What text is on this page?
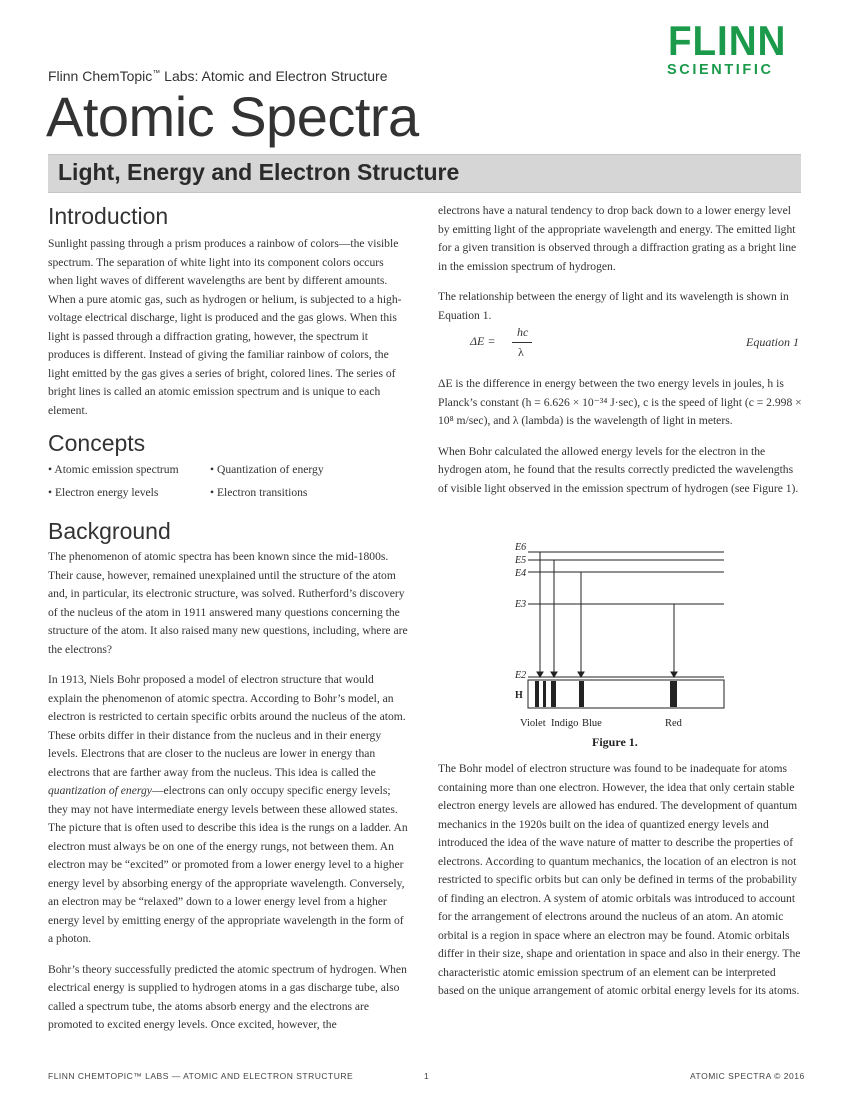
FLINN
SCIENTIFIC
Flinn ChemTopic™ Labs: Atomic and Electron Structure
Atomic Spectra
Light, Energy and Electron Structure
Introduction

Sunlight passing through a prism produces a rainbow of colors—the visible spectrum. The separation of white light into its component colors occurs when light waves of different wavelengths are bent by different amounts. When a pure atomic gas, such as hydrogen or helium, is subjected to a high-voltage electrical discharge, light is produced and the gas glows. When this light is passed through a diffraction grating, however, the spectrum it produces is different. Instead of giving the familiar rainbow of colors, the light emitted by the gas gives a series of bright, colored lines. The series of bright lines is called an atomic emission spectrum and is unique to each element.

Concepts
• Atomic emission spectrum	• Quantization of energy
• Electron energy levels	• Electron transitions
Background

The phenomenon of atomic spectra has been known since the mid-1800s. Their cause, however, remained unexplained until the structure of the atom and, in particular, its electronic structure, was solved. Rutherford’s discovery of the nucleus of the atom in 1911 answered many questions concerning the structure of the atom. It also raised many new questions, including, where are the electrons?

In 1913, Niels Bohr proposed a model of electron structure that would explain the phenomenon of atomic spectra. According to Bohr’s model, an electron is restricted to certain specific orbits around the nucleus of the atom. These orbits differ in their distance from the nucleus and in their energy levels. Electrons that are closer to the nucleus are lower in energy than electrons that are farther away from the nucleus. This idea is called the quantization of energy—electrons can only occupy specific energy levels; they may not have intermediate energy levels between these allowed states. The picture that is often used to describe this idea is the rungs on a ladder. An electron must always be on one of the energy rungs, not between them. An electron may be “excited” or promoted from a lower energy level to a higher energy level by absorbing energy of the appropriate wavelength. Conversely, an electron may be “relaxed” down to a lower energy level from a higher energy level by emitting energy of the appropriate wavelength in the form of a photon.

Bohr’s theory successfully predicted the atomic spectrum of hydrogen. When electrical energy is supplied to hydrogen atoms in a gas discharge tube, also called a spectrum tube, the atoms absorb energy and the electrons are promoted to excited energy levels. Once excited, however, the

electrons have a natural tendency to drop back down to a lower energy level by emitting light of the appropriate wavelength and energy. The emitted light for a given transition is observed through a diffraction grating as a bright line in the emission spectrum of hydrogen.

The relationship between the energy of light and its wavelength is shown in Equation 1.

ΔE =
hc
λ
Equation 1

ΔE is the difference in energy between the two energy levels in joules, h is Planck’s constant (h = 6.626 × 10⁻³⁴ J·sec), c is the speed of light (c = 2.998 × 10⁸ m/sec), and λ (lambda) is the wavelength of light in meters.

When Bohr calculated the allowed energy levels for the electron in the hydrogen atom, he found that the results correctly predicted the wavelengths of visible light observed in the emission spectrum of hydrogen (see Figure 1).

E6
E5
E4
E3
E2
H
Violet Indigo Blue	Red
Figure 1.

The Bohr model of electron structure was found to be inadequate for atoms containing more than one electron. However, the idea that only certain stable electron energy levels are allowed has endured. The development of quantum mechanics in the 1920s built on the idea of quantized energy levels and introduced the idea of the wave nature of matter to describe the properties of electrons. According to quantum mechanics, the location of an electron is not restricted to specific orbits but can only be defined in terms of the probability of finding an electron. A system of atomic orbitals was introduced to account for the arrangement of electrons around the nucleus of an atom. An atomic orbital is a region in space where an electron may be found. Atomic orbitals differ in their size, shape and orientation in space and also in their energy. The characteristic atomic emission spectrum of an element can be interpreted based on the unique arrangement of atomic orbital energy levels for its atoms.

FLINN CHEMTOPIC™ LABS — ATOMIC AND ELECTRON STRUCTURE	1	ATOMIC SPECTRA © 2016
